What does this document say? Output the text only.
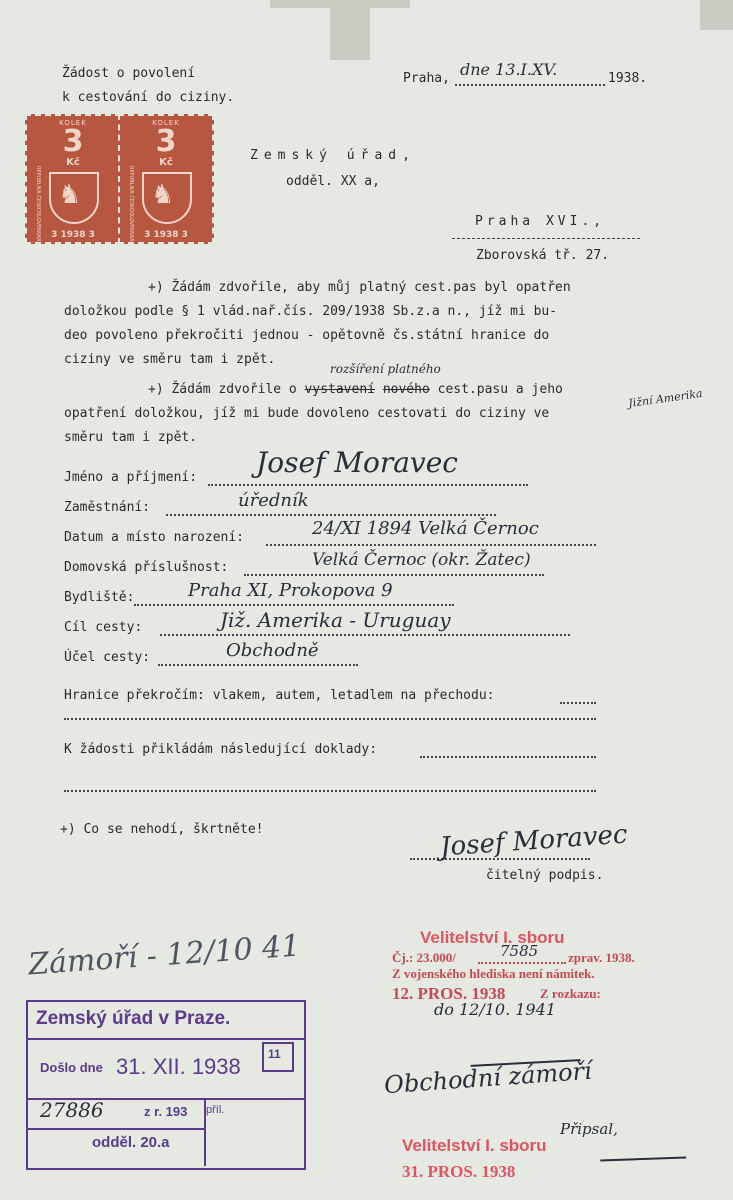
Žádost o povolení
k cestování do ciziny.
Praha, dne 13.I.XV.	1938.
KOLEK
3
Kč
♞
REPUBLIKA ČESKOSLOVENSKÁ	3 1938 3
KOLEK
3
Kč
♞
REPUBLIKA ČESKOSLOVENSKÁ	3 1938 3
Zemský úřad,
odděl. XX a,
Praha XVI.,
Zborovská tř. 27.
+) Žádám zdvořile, aby můj platný cest.pas byl opatřen
doložkou podle § 1 vlád.nař.čís. 209/1938 Sb.z.a n., jíž mi bu-
deo povoleno překročiti jednou - opětovně čs.státní hranice do
ciziny ve směru tam i zpět.
rozšíření platného
Jižní Amerika
+) Žádám zdvořile o vystavení nového cest.pasu a jeho
opatření doložkou, jíž mi bude dovoleno cestovati do ciziny ve
směru tam i zpět.
Jméno a příjmení: Josef Moravec
Zaměstnání:	úředník
Datum a místo narození:	24/XI 1894 Velká Černoc
Domovská příslušnost:	Velká Černoc (okr. Žatec)
Bydliště:	Praha XI, Prokopova 9
Cíl cesty:	Již. Amerika - Uruguay
Účel cesty:	Obchodně
Hranice překročím: vlakem, autem, letadlem na přechodu:
K žádosti přikládám následující doklady:
+) Co se nehodí, škrtněte!	Josef Moravec
čitelný podpis.
Zámoří - 12/10 41
Zemský úřad v Praze.
11
Došlo dne 31. XII. 1938
27886	z r. 193 příl.
odděl. 20.a
Velitelství I. sboru
Čj.: 23.000/	7585 zprav. 1938.
Z vojenského hlediska není námitek.
12. PROS. 1938	Z rozkazu:
do 12/10. 1941
Obchodní zámoří
Připsal,
Velitelství I. sboru
31. PROS. 1938
